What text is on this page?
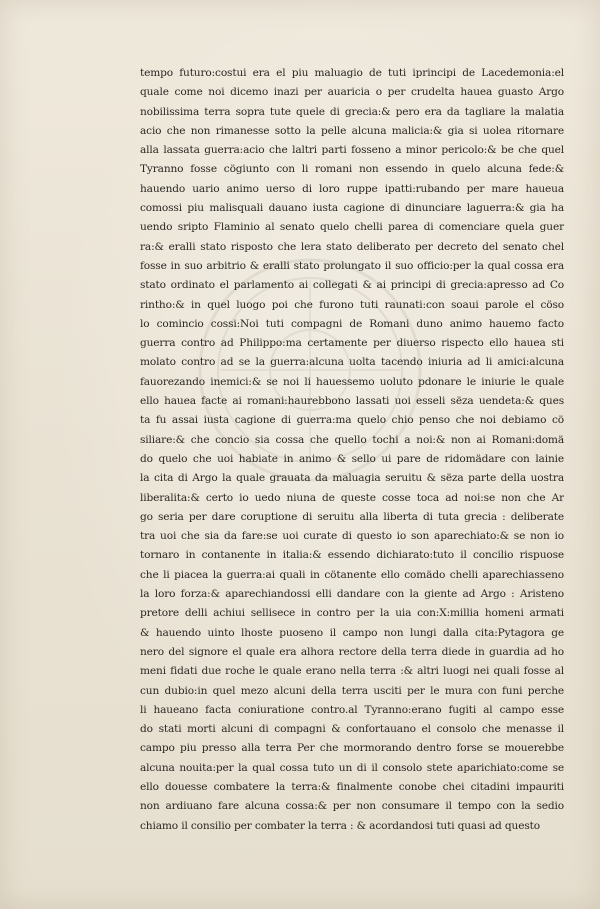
tempo futuro:costui era el piu maluagio de tuti iprincipi de Lacedemonia:el
quale come noi dicemo inazi per auaricia o per crudelta hauea guasto Argo
nobilissima terra sopra tute quele di grecia:& pero era da tagliare la malatia
acio che non rimanesse sotto la pelle alcuna malicia:& gia si uolea ritornare
alla lassata guerra:acio che laltri parti fosseno a minor pericolo:& be che quel
Tyranno fosse cögiunto con li romani non essendo in quelo alcuna fede:&
hauendo uario animo uerso di loro ruppe ipatti:rubando per mare haueua
comossi piu malisquali dauano iusta cagione di dinunciare laguerra:& gia ha
uendo sripto Flaminio al senato quelo chelli parea di comenciare quela guer
ra:& eralli stato risposto che lera stato deliberato per decreto del senato chel
fosse in suo arbitrio & eralli stato prolungato il suo officio:per la qual cossa era
stato ordinato el parlamento ai collegati & ai principi di grecia:apresso ad Co
rintho:& in quel luogo poi che furono tuti raunati:con soaui parole el cöso
lo comincio cossi:Noi tuti compagni de Romani duno animo hauemo facto
guerra contro ad Philippo:ma certamente per diuerso rispecto ello hauea sti
molato contro ad se la guerra:alcuna uolta tacendo iniuria ad li amici:alcuna
fauorezando inemici:& se noi li hauessemo uoluto pdonare le iniurie le quale
ello hauea facte ai romani:haurebbono lassati uoi esseli sëza uendeta:& ques
ta fu assai iusta cagione di guerra:ma quelo chio penso che noi debiamo cö
siliare:& che concio sia cossa che quello tochi a noi:& non ai Romani:domä
do quelo che uoi habiate in animo & sello ui pare de ridomädare con lainie
la cita di Argo la quale grauata da maluagia seruitu & sëza parte della uostra
liberalita:& certo io uedo niuna de queste cosse toca ad noi:se non che Ar
go seria per dare coruptione di seruitu alla liberta di tuta grecia : deliberate
tra uoi che sia da fare:se uoi curate di questo io son aparechiato:& se non io
tornaro in contanente in italia:& essendo dichiarato:tuto il concilio rispuose
che li piacea la guerra:ai quali in cötanente ello comädo chelli aparechiasseno
la loro forza:& aparechiandossi elli dandare con la giente ad Argo : Aristeno
pretore delli achiui sellisece in contro per la uia con:X:millia homeni armati
& hauendo uinto lhoste puoseno il campo non lungi dalla cita:Pytagora ge
nero del signore el quale era alhora rectore della terra diede in guardia ad ho
meni fidati due roche le quale erano nella terra :& altri luogi nei quali fosse al
cun dubio:in quel mezo alcuni della terra usciti per le mura con funi perche
li haueano facta coniuratione contro.al Tyranno:erano fugiti al campo esse
do stati morti alcuni di compagni & confortauano el consolo che menasse il
campo piu presso alla terra Per che mormorando dentro forse se mouerebbe
alcuna nouita:per la qual cossa tuto un di il consolo stete aparichiato:come se
ello douesse combatere la terra:& finalmente conobe chei citadini impauriti
non ardiuano fare alcuna cossa:& per non consumare il tempo con la sedio
chiamo il consilio per combater la terra : & acordandosi tuti quasi ad questo
